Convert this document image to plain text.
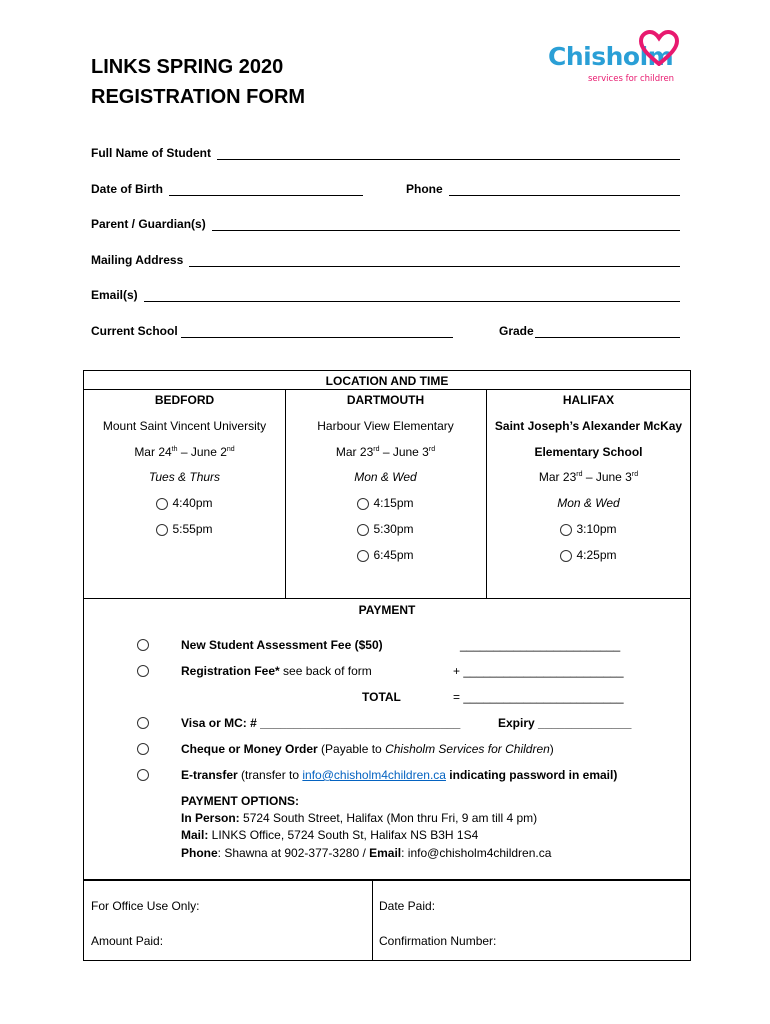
LINKS SPRING 2020
REGISTRATION FORM
Chisholm
services for children
Full Name of Student
Date of Birth	Phone
Parent / Guardian(s)
Mailing Address
Email(s)
Current School	Grade
LOCATION AND TIME
BEDFORD
Mount Saint Vincent University
Mar 24th – June 2nd
Tues & Thurs
4:40pm
5:55pm
DARTMOUTH
Harbour View Elementary
Mar 23rd – June 3rd
Mon & Wed
4:15pm
5:30pm
6:45pm
HALIFAX
Saint Joseph’s Alexander McKay
Elementary School
Mar 23rd – June 3rd
Mon & Wed
3:10pm
4:25pm
PAYMENT
New Student Assessment Fee ($50)	________________________
Registration Fee* see back of form	+ ________________________
TOTAL	= ________________________
Visa or MC: # ______________________________	Expiry ______________
Cheque or Money Order (Payable to Chisholm Services for Children)
E-transfer (transfer to info@chisholm4children.ca indicating password in email)
PAYMENT OPTIONS:
In Person: 5724 South Street, Halifax (Mon thru Fri, 9 am till 4 pm)
Mail: LINKS Office, 5724 South St, Halifax NS B3H 1S4
Phone: Shawna at 902-377-3280 / Email: info@chisholm4children.ca
For Office Use Only:	Date Paid:
Amount Paid:	Confirmation Number:
